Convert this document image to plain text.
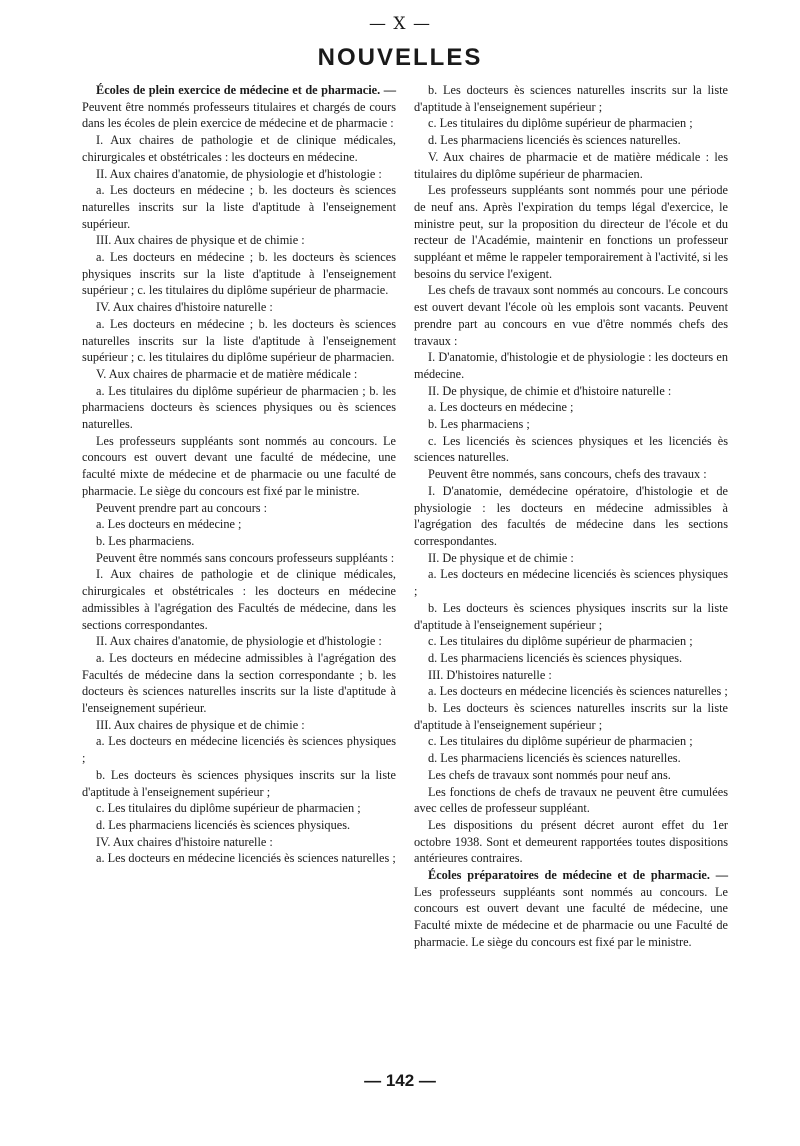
— X —
NOUVELLES

Écoles de plein exercice de médecine et de pharmacie. — Peuvent être nommés professeurs titulaires et chargés de cours dans les écoles de plein exercice de médecine et de pharmacie :

I. Aux chaires de pathologie et de clinique médicales, chirurgicales et obstétricales : les docteurs en médecine.

II. Aux chaires d'anatomie, de physiologie et d'histologie :

a. Les docteurs en médecine ; b. les docteurs ès sciences naturelles inscrits sur la liste d'aptitude à l'enseignement supérieur.

III. Aux chaires de physique et de chimie :

a. Les docteurs en médecine ; b. les docteurs ès sciences physiques inscrits sur la liste d'aptitude à l'enseignement supérieur ; c. les titulaires du diplôme supérieur de pharmacie.

IV. Aux chaires d'histoire naturelle :

a. Les docteurs en médecine ; b. les docteurs ès sciences naturelles inscrits sur la liste d'aptitude à l'enseignement supérieur ; c. les titulaires du diplôme supérieur de pharmacien.

V. Aux chaires de pharmacie et de matière médicale :

a. Les titulaires du diplôme supérieur de pharmacien ; b. les pharmaciens docteurs ès sciences physiques ou ès sciences naturelles.

Les professeurs suppléants sont nommés au concours. Le concours est ouvert devant une faculté de médecine, une faculté mixte de médecine et de pharmacie ou une faculté de pharmacie. Le siège du concours est fixé par le ministre.

Peuvent prendre part au concours :

a. Les docteurs en médecine ;

b. Les pharmaciens.

Peuvent être nommés sans concours professeurs suppléants :

I. Aux chaires de pathologie et de clinique médicales, chirurgicales et obstétricales : les docteurs en médecine admissibles à l'agrégation des Facultés de médecine, dans les sections correspondantes.

II. Aux chaires d'anatomie, de physiologie et d'histologie :

a. Les docteurs en médecine admissibles à l'agrégation des Facultés de médecine dans la section correspondante ; b. les docteurs ès sciences naturelles inscrits sur la liste d'aptitude à l'enseignement supérieur.

III. Aux chaires de physique et de chimie :

a. Les docteurs en médecine licenciés ès sciences physiques ;

b. Les docteurs ès sciences physiques inscrits sur la liste d'aptitude à l'enseignement supérieur ;

c. Les titulaires du diplôme supérieur de pharmacien ;

d. Les pharmaciens licenciés ès sciences physiques.

IV. Aux chaires d'histoire naturelle :

a. Les docteurs en médecine licenciés ès sciences naturelles ;

b. Les docteurs ès sciences naturelles inscrits sur la liste d'aptitude à l'enseignement supérieur ;

c. Les titulaires du diplôme supérieur de pharmacien ;

d. Les pharmaciens licenciés ès sciences naturelles.

V. Aux chaires de pharmacie et de matière médicale : les titulaires du diplôme supérieur de pharmacien.

Les professeurs suppléants sont nommés pour une période de neuf ans. Après l'expiration du temps légal d'exercice, le ministre peut, sur la proposition du directeur de l'école et du recteur de l'Académie, maintenir en fonctions un professeur suppléant et même le rappeler temporairement à l'activité, si les besoins du service l'exigent.

Les chefs de travaux sont nommés au concours. Le concours est ouvert devant l'école où les emplois sont vacants. Peuvent prendre part au concours en vue d'être nommés chefs des travaux :

I. D'anatomie, d'histologie et de physiologie : les docteurs en médecine.

II. De physique, de chimie et d'histoire naturelle :

a. Les docteurs en médecine ;

b. Les pharmaciens ;

c. Les licenciés ès sciences physiques et les licenciés ès sciences naturelles.

Peuvent être nommés, sans concours, chefs des travaux :

I. D'anatomie, demédecine opératoire, d'histologie et de physiologie : les docteurs en médecine admissibles à l'agrégation des facultés de médecine dans les sections correspondantes.

II. De physique et de chimie :

a. Les docteurs en médecine licenciés ès sciences physiques ;

b. Les docteurs ès sciences physiques inscrits sur la liste d'aptitude à l'enseignement supérieur ;

c. Les titulaires du diplôme supérieur de pharmacien ;

d. Les pharmaciens licenciés ès sciences physiques.

III. D'histoires naturelle :

a. Les docteurs en médecine licenciés ès sciences naturelles ;

b. Les docteurs ès sciences naturelles inscrits sur la liste d'aptitude à l'enseignement supérieur ;

c. Les titulaires du diplôme supérieur de pharmacien ;

d. Les pharmaciens licenciés ès sciences naturelles.

Les chefs de travaux sont nommés pour neuf ans.

Les fonctions de chefs de travaux ne peuvent être cumulées avec celles de professeur suppléant.

Les dispositions du présent décret auront effet du 1er octobre 1938. Sont et demeurent rapportées toutes dispositions antérieures contraires.

Écoles préparatoires de médecine et de pharmacie. — Les professeurs suppléants sont nommés au concours. Le concours est ouvert devant une faculté de médecine, une Faculté mixte de médecine et de pharmacie ou une Faculté de pharmacie. Le siège du concours est fixé par le ministre.

— 142 —
